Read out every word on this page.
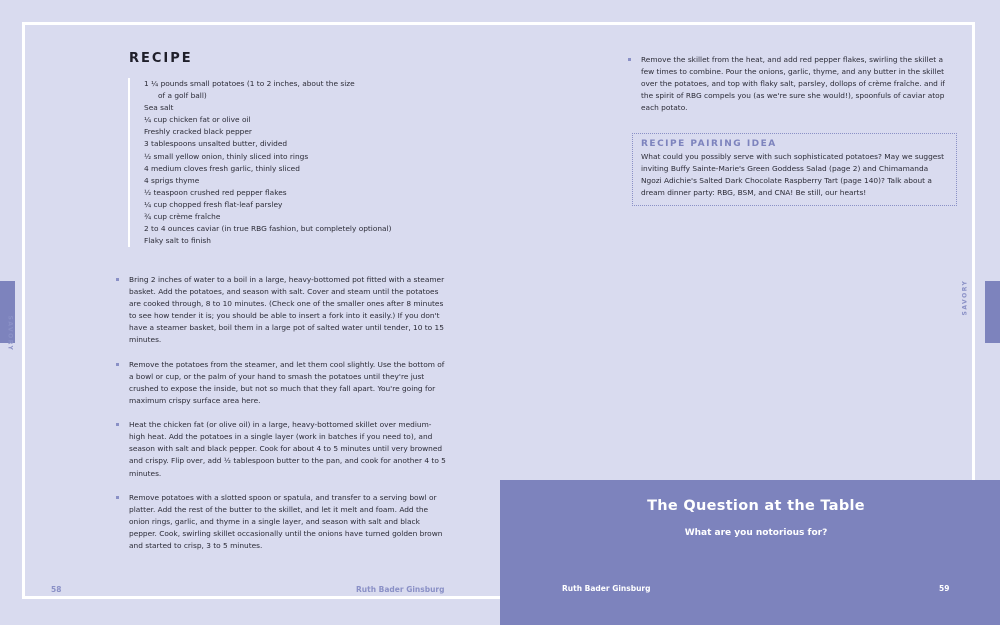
SAVORY
SAVORY
RECIPE
1 ¼ pounds small potatoes (1 to 2 inches, about the size
of a golf ball)
Sea salt
¼ cup chicken fat or olive oil
Freshly cracked black pepper
3 tablespoons unsalted butter, divided
½ small yellow onion, thinly sliced into rings
4 medium cloves fresh garlic, thinly sliced
4 sprigs thyme
½ teaspoon crushed red pepper flakes
¼ cup chopped fresh flat-leaf parsley
¾ cup crème fraîche
2 to 4 ounces caviar (in true RBG fashion, but completely optional)
Flaky salt to finish
Bring 2 inches of water to a boil in a large, heavy-bottomed pot fitted with a steamer basket. Add the potatoes, and season with salt. Cover and steam until the potatoes are cooked through, 8 to 10 minutes. (Check one of the smaller ones after 8 minutes to see how tender it is; you should be able to insert a fork into it easily.) If you don't have a steamer basket, boil them in a large pot of salted water until tender, 10 to 15 minutes.
Remove the potatoes from the steamer, and let them cool slightly. Use the bottom of a bowl or cup, or the palm of your hand to smash the potatoes until they're just crushed to expose the inside, but not so much that they fall apart. You're going for maximum crispy surface area here.
Heat the chicken fat (or olive oil) in a large, heavy-bottomed skillet over medium-high heat. Add the potatoes in a single layer (work in batches if you need to), and season with salt and black pepper. Cook for about 4 to 5 minutes until very browned and crispy. Flip over, add ½ tablespoon butter to the pan, and cook for another 4 to 5 minutes.
Remove potatoes with a slotted spoon or spatula, and transfer to a serving bowl or platter. Add the rest of the butter to the skillet, and let it melt and foam. Add the onion rings, garlic, and thyme in a single layer, and season with salt and black pepper. Cook, swirling skillet occasionally until the onions have turned golden brown and started to crisp, 3 to 5 minutes.
58	Ruth Bader Ginsburg
Remove the skillet from the heat, and add red pepper flakes, swirling the skillet a few times to combine. Pour the onions, garlic, thyme, and any butter in the skillet over the potatoes, and top with flaky salt, parsley, dollops of crème fraîche. and if the spirit of RBG compels you (as we're sure she would!), spoonfuls of caviar atop each potato.
RECIPE PAIRING IDEA
What could you possibly serve with such sophisticated potatoes? May we suggest inviting Buffy Sainte-Marie's Green Goddess Salad (page 2) and Chimamanda Ngozi Adichie's Salted Dark Chocolate Raspberry Tart (page 140)? Talk about a dream dinner party: RBG, BSM, and CNA! Be still, our hearts!
The Question at the Table
What are you notorious for?
Ruth Bader Ginsburg	59
